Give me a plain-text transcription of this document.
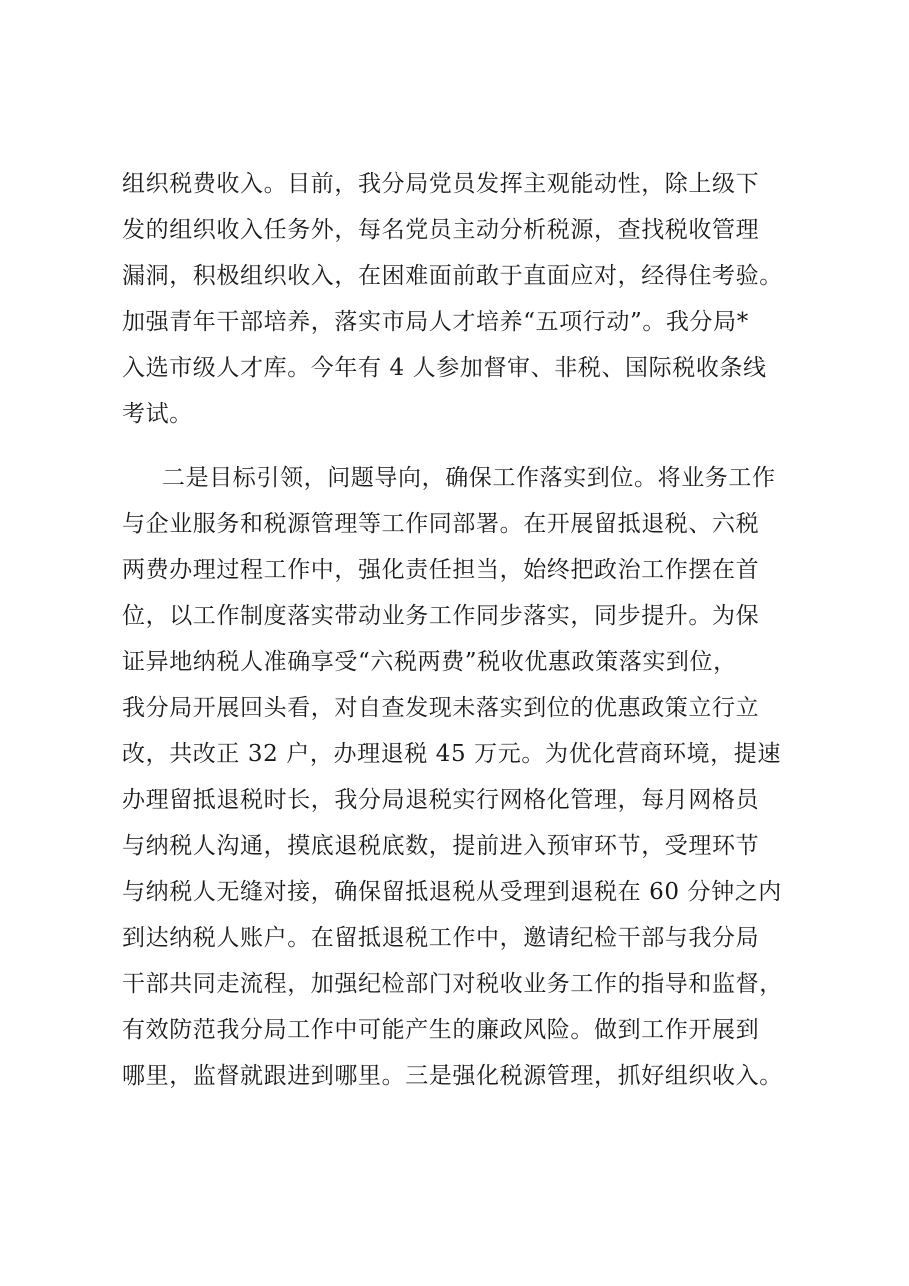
组织税费收入。目前，我分局党员发挥主观能动性，除上级下
发的组织收入任务外，每名党员主动分析税源，查找税收管理
漏洞，积极组织收入，在困难面前敢于直面应对，经得住考验。
加强青年干部培养，落实市局人才培养“五项行动”。我分局*
入选市级人才库。今年有 4 人参加督审、非税、国际税收条线
考试。
二是目标引领，问题导向，确保工作落实到位。将业务工作
与企业服务和税源管理等工作同部署。在开展留抵退税、六税
两费办理过程工作中，强化责任担当，始终把政治工作摆在首
位，以工作制度落实带动业务工作同步落实，同步提升。为保
证异地纳税人准确享受“六税两费”税收优惠政策落实到位，
我分局开展回头看，对自查发现未落实到位的优惠政策立行立
改，共改正 32 户，办理退税 45 万元。为优化营商环境，提速
办理留抵退税时长，我分局退税实行网格化管理，每月网格员
与纳税人沟通，摸底退税底数，提前进入预审环节，受理环节
与纳税人无缝对接，确保留抵退税从受理到退税在 60 分钟之内
到达纳税人账户。在留抵退税工作中，邀请纪检干部与我分局
干部共同走流程，加强纪检部门对税收业务工作的指导和监督，
有效防范我分局工作中可能产生的廉政风险。做到工作开展到
哪里，监督就跟进到哪里。三是强化税源管理，抓好组织收入。
